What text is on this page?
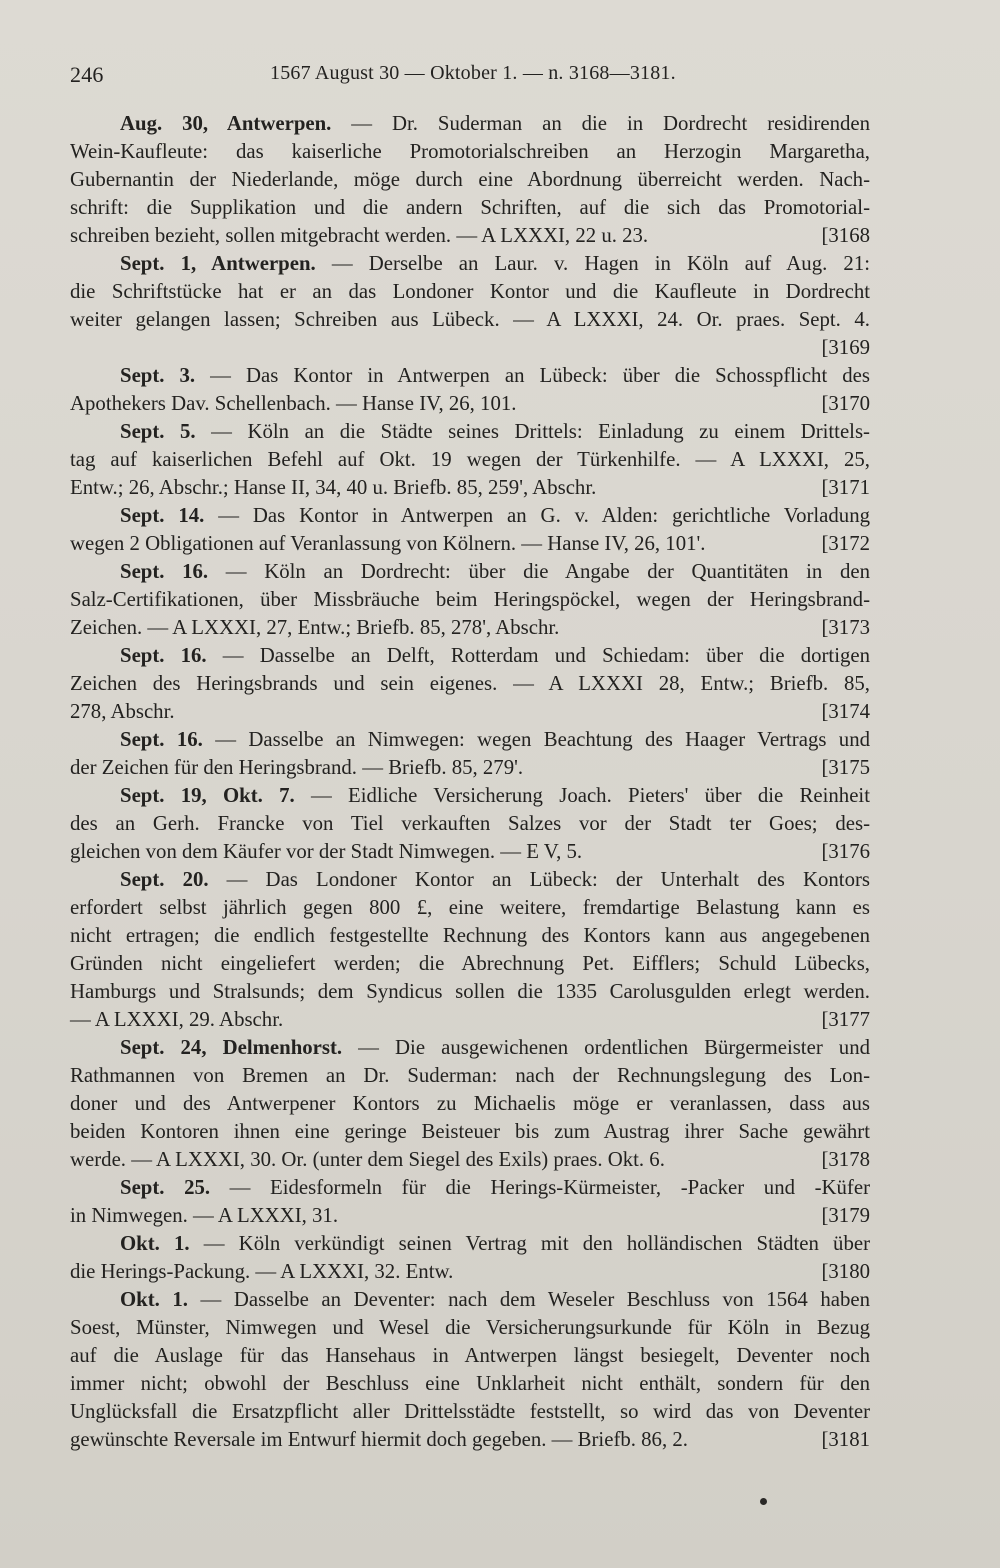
246	1567 August 30 — Oktober 1. — n. 3168—3181.
Aug. 30, Antwerpen. — Dr. Suderman an die in Dordrecht residirenden
Wein-Kaufleute: das kaiserliche Promotorialschreiben an Herzogin Margaretha,
Gubernantin der Niederlande, möge durch eine Abordnung überreicht werden. Nach-
schrift: die Supplikation und die andern Schriften, auf die sich das Promotorial-
schreiben bezieht, sollen mitgebracht werden. — A LXXXI, 22 u. 23.	[3168
Sept. 1, Antwerpen. — Derselbe an Laur. v. Hagen in Köln auf Aug. 21:
die Schriftstücke hat er an das Londoner Kontor und die Kaufleute in Dordrecht
weiter gelangen lassen; Schreiben aus Lübeck. — A LXXXI, 24. Or. praes. Sept. 4.
[3169
Sept. 3. — Das Kontor in Antwerpen an Lübeck: über die Schosspflicht des
Apothekers Dav. Schellenbach. — Hanse IV, 26, 101.	[3170
Sept. 5. — Köln an die Städte seines Drittels: Einladung zu einem Drittels-
tag auf kaiserlichen Befehl auf Okt. 19 wegen der Türkenhilfe. — A LXXXI, 25,
Entw.; 26, Abschr.; Hanse II, 34, 40 u. Briefb. 85, 259', Abschr.	[3171
Sept. 14. — Das Kontor in Antwerpen an G. v. Alden: gerichtliche Vorladung
wegen 2 Obligationen auf Veranlassung von Kölnern. — Hanse IV, 26, 101'.	[3172
Sept. 16. — Köln an Dordrecht: über die Angabe der Quantitäten in den
Salz-Certifikationen, über Missbräuche beim Heringspöckel, wegen der Heringsbrand-
Zeichen. — A LXXXI, 27, Entw.; Briefb. 85, 278', Abschr.	[3173
Sept. 16. — Dasselbe an Delft, Rotterdam und Schiedam: über die dortigen
Zeichen des Heringsbrands und sein eigenes. — A LXXXI 28, Entw.; Briefb. 85,
278, Abschr.	[3174
Sept. 16. — Dasselbe an Nimwegen: wegen Beachtung des Haager Vertrags und
der Zeichen für den Heringsbrand. — Briefb. 85, 279'.	[3175
Sept. 19, Okt. 7. — Eidliche Versicherung Joach. Pieters' über die Reinheit
des an Gerh. Francke von Tiel verkauften Salzes vor der Stadt ter Goes; des-
gleichen von dem Käufer vor der Stadt Nimwegen. — E V, 5.	[3176
Sept. 20. — Das Londoner Kontor an Lübeck: der Unterhalt des Kontors
erfordert selbst jährlich gegen 800 £, eine weitere, fremdartige Belastung kann es
nicht ertragen; die endlich festgestellte Rechnung des Kontors kann aus angegebenen
Gründen nicht eingeliefert werden; die Abrechnung Pet. Eifflers; Schuld Lübecks,
Hamburgs und Stralsunds; dem Syndicus sollen die 1335 Carolusgulden erlegt werden.
— A LXXXI, 29. Abschr.	[3177
Sept. 24, Delmenhorst. — Die ausgewichenen ordentlichen Bürgermeister und
Rathmannen von Bremen an Dr. Suderman: nach der Rechnungslegung des Lon-
doner und des Antwerpener Kontors zu Michaelis möge er veranlassen, dass aus
beiden Kontoren ihnen eine geringe Beisteuer bis zum Austrag ihrer Sache gewährt
werde. — A LXXXI, 30. Or. (unter dem Siegel des Exils) praes. Okt. 6.	[3178
Sept. 25. — Eidesformeln für die Herings-Kürmeister, -Packer und -Küfer
in Nimwegen. — A LXXXI, 31.	[3179
Okt. 1. — Köln verkündigt seinen Vertrag mit den holländischen Städten über
die Herings-Packung. — A LXXXI, 32. Entw.	[3180
Okt. 1. — Dasselbe an Deventer: nach dem Weseler Beschluss von 1564 haben
Soest, Münster, Nimwegen und Wesel die Versicherungsurkunde für Köln in Bezug
auf die Auslage für das Hansehaus in Antwerpen längst besiegelt, Deventer noch
immer nicht; obwohl der Beschluss eine Unklarheit nicht enthält, sondern für den
Unglücksfall die Ersatzpflicht aller Drittelsstädte feststellt, so wird das von Deventer
gewünschte Reversale im Entwurf hiermit doch gegeben. — Briefb. 86, 2.	[3181
